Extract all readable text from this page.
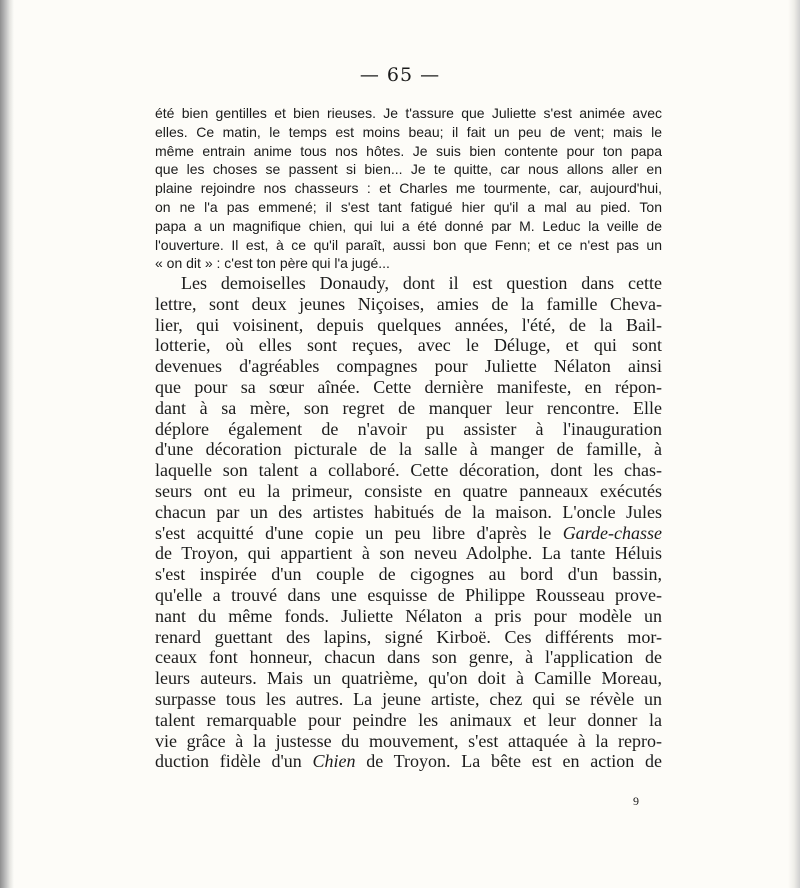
— 65 —
été bien gentilles et bien rieuses. Je t'assure que Juliette s'est animée avec
elles. Ce matin, le temps est moins beau; il fait un peu de vent; mais le
même entrain anime tous nos hôtes. Je suis bien contente pour ton papa
que les choses se passent si bien... Je te quitte, car nous allons aller en
plaine rejoindre nos chasseurs : et Charles me tourmente, car, aujourd'hui,
on ne l'a pas emmené; il s'est tant fatigué hier qu'il a mal au pied. Ton
papa a un magnifique chien, qui lui a été donné par M. Leduc la veille de
l'ouverture. Il est, à ce qu'il paraît, aussi bon que Fenn; et ce n'est pas un
« on dit » : c'est ton père qui l'a jugé...
Les demoiselles Donaudy, dont il est question dans cette
lettre, sont deux jeunes Niçoises, amies de la famille Cheva-
lier, qui voisinent, depuis quelques années, l'été, de la Bail-
lotterie, où elles sont reçues, avec le Déluge, et qui sont
devenues d'agréables compagnes pour Juliette Nélaton ainsi
que pour sa sœur aînée. Cette dernière manifeste, en répon-
dant à sa mère, son regret de manquer leur rencontre. Elle
déplore également de n'avoir pu assister à l'inauguration
d'une décoration picturale de la salle à manger de famille, à
laquelle son talent a collaboré. Cette décoration, dont les chas-
seurs ont eu la primeur, consiste en quatre panneaux exécutés
chacun par un des artistes habitués de la maison. L'oncle Jules
s'est acquitté d'une copie un peu libre d'après le Garde-chasse
de Troyon, qui appartient à son neveu Adolphe. La tante Héluis
s'est inspirée d'un couple de cigognes au bord d'un bassin,
qu'elle a trouvé dans une esquisse de Philippe Rousseau prove-
nant du même fonds. Juliette Nélaton a pris pour modèle un
renard guettant des lapins, signé Kirboë. Ces différents mor-
ceaux font honneur, chacun dans son genre, à l'application de
leurs auteurs. Mais un quatrième, qu'on doit à Camille Moreau,
surpasse tous les autres. La jeune artiste, chez qui se révèle un
talent remarquable pour peindre les animaux et leur donner la
vie grâce à la justesse du mouvement, s'est attaquée à la repro-
duction fidèle d'un Chien de Troyon. La bête est en action de
9
